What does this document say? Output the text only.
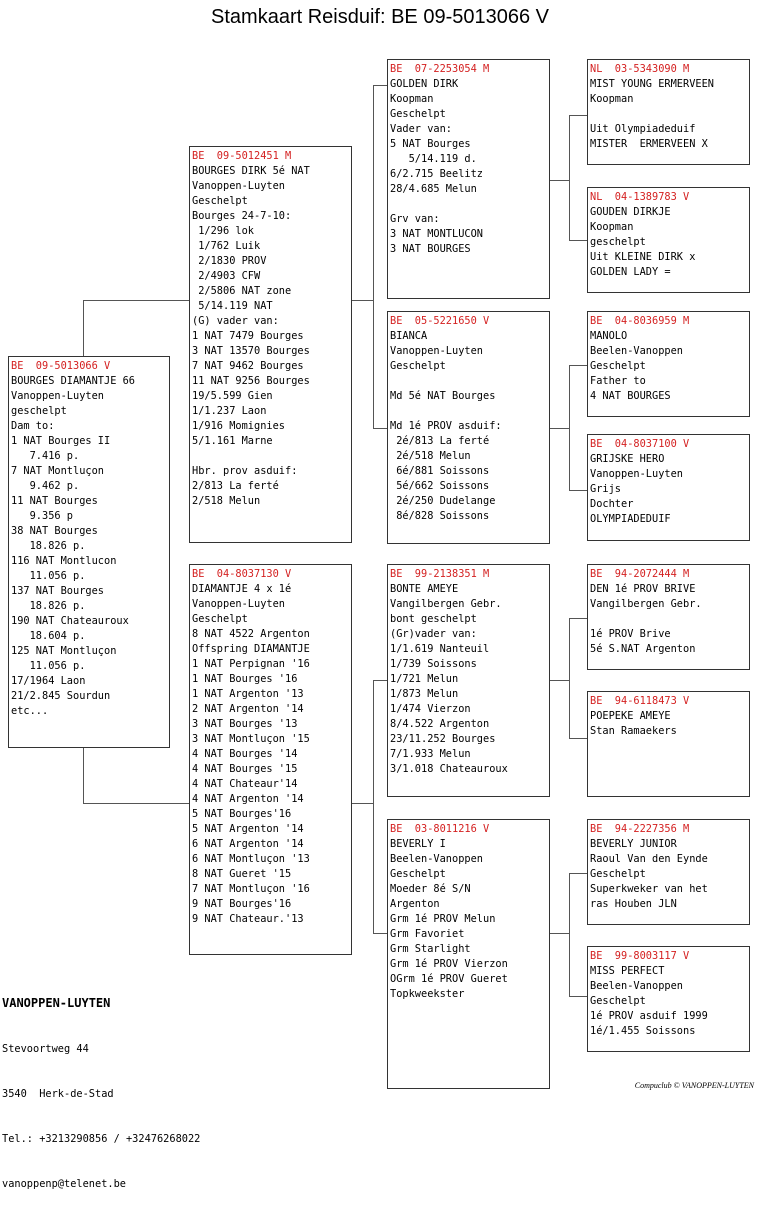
Stamkaart Reisduif: BE 09-5013066 V
BE  09-5013066 V
BOURGES DIAMANTJE 66
Vanoppen-Luyten
geschelpt
Dam to:
1 NAT Bourges II
7.416 p.
7 NAT Montluçon
9.462 p.
11 NAT Bourges
9.356 p
38 NAT Bourges
18.826 p.
116 NAT Montlucon
11.056 p.
137 NAT Bourges
18.826 p.
190 NAT Chateauroux
18.604 p.
125 NAT Montluçon
11.056 p.
17/1964 Laon
21/2.845 Sourdun
etc...
BE  09-5012451 M
BOURGES DIRK 5é NAT
Vanoppen-Luyten
Geschelpt
Bourges 24-7-10:
1/296 lok
1/762 Luik
2/1830 PROV
2/4903 CFW
2/5806 NAT zone
5/14.119 NAT
(G) vader van:
1 NAT 7479 Bourges
3 NAT 13570 Bourges
7 NAT 9462 Bourges
11 NAT 9256 Bourges
19/5.599 Gien
1/1.237 Laon
1/916 Momignies
5/1.161 Marne

Hbr. prov asduif:
2/813 La ferté
2/518 Melun
BE  04-8037130 V
DIAMANTJE 4 x 1é
Vanoppen-Luyten
Geschelpt
8 NAT 4522 Argenton
Offspring DIAMANTJE
1 NAT Perpignan '16
1 NAT Bourges '16
1 NAT Argenton '13
2 NAT Argenton '14
3 NAT Bourges '13
3 NAT Montluçon '15
4 NAT Bourges '14
4 NAT Bourges '15
4 NAT Chateaur'14
4 NAT Argenton '14
5 NAT Bourges'16
5 NAT Argenton '14
6 NAT Argenton '14
6 NAT Montluçon '13
8 NAT Gueret '15
7 NAT Montluçon '16
9 NAT Bourges'16
9 NAT Chateaur.'13
BE  07-2253054 M
GOLDEN DIRK
Koopman
Geschelpt
Vader van:
5 NAT Bourges
5/14.119 d.
6/2.715 Beelitz
28/4.685 Melun

Grv van:
3 NAT MONTLUCON
3 NAT BOURGES
BE  05-5221650 V
BIANCA
Vanoppen-Luyten
Geschelpt

Md 5é NAT Bourges

Md 1é PROV asduif:
2é/813 La ferté
2é/518 Melun
6é/881 Soissons
5é/662 Soissons
2é/250 Dudelange
8é/828 Soissons
BE  99-2138351 M
BONTE AMEYE
Vangilbergen Gebr.
bont geschelpt
(Gr)vader van:
1/1.619 Nanteuil
1/739 Soissons
1/721 Melun
1/873 Melun
1/474 Vierzon
8/4.522 Argenton
23/11.252 Bourges
7/1.933 Melun
3/1.018 Chateauroux
BE  03-8011216 V
BEVERLY I
Beelen-Vanoppen
Geschelpt
Moeder 8é S/N
Argenton
Grm 1é PROV Melun
Grm Favoriet
Grm Starlight
Grm 1é PROV Vierzon
OGrm 1é PROV Gueret
Topkweekster
NL  03-5343090 M
MIST YOUNG ERMERVEEN
Koopman

Uit Olympiadeduif
MISTER  ERMERVEEN X
NL  04-1389783 V
GOUDEN DIRKJE
Koopman
geschelpt
Uit KLEINE DIRK x
GOLDEN LADY =
BE  04-8036959 M
MANOLO
Beelen-Vanoppen
Geschelpt
Father to
4 NAT BOURGES
BE  04-8037100 V
GRIJSKE HERO
Vanoppen-Luyten
Grijs
Dochter
OLYMPIADEDUIF
BE  94-2072444 M
DEN 1é PROV BRIVE
Vangilbergen Gebr.

1é PROV Brive
5é S.NAT Argenton
BE  94-6118473 V
POEPEKE AMEYE
Stan Ramaekers
BE  94-2227356 M
BEVERLY JUNIOR
Raoul Van den Eynde
Geschelpt
Superkweker van het
ras Houben JLN
BE  99-8003117 V
MISS PERFECT
Beelen-Vanoppen
Geschelpt
1é PROV asduif 1999
1é/1.455 Soissons

VANOPPEN-LUYTEN

Stevoortweg 44

3540  Herk-de-Stad

Tel.: +3213290856 / +32476268022

vanoppenp@telenet.be

Compuclub © VANOPPEN-LUYTEN
